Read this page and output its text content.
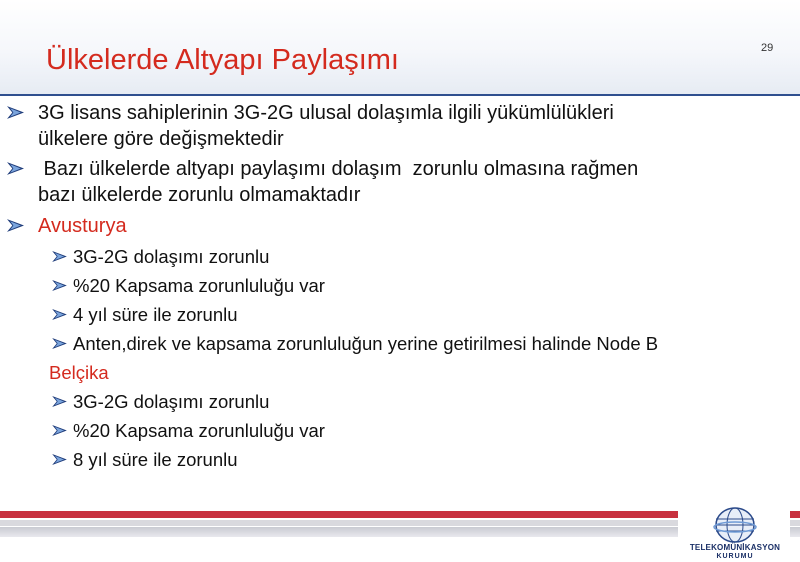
Ülkelerde Altyapı Paylaşımı	29
3G lisans sahiplerinin 3G-2G ulusal dolaşımla ilgili yükümlülükleri
ülkelere göre değişmektedir
Bazı ülkelerde altyapı paylaşımı dolaşım  zorunlu olmasına rağmen
bazı ülkelerde zorunlu olmamaktadır
Avusturya
3G-2G dolaşımı zorunlu
%20 Kapsama zorunluluğu var
4 yıl süre ile zorunlu
Anten,direk ve kapsama zorunluluğun yerine getirilmesi halinde Node B
Belçika
3G-2G dolaşımı zorunlu
%20 Kapsama zorunluluğu var
8 yıl süre ile zorunlu
TELEKOMÜNİKASYON
KURUMU
